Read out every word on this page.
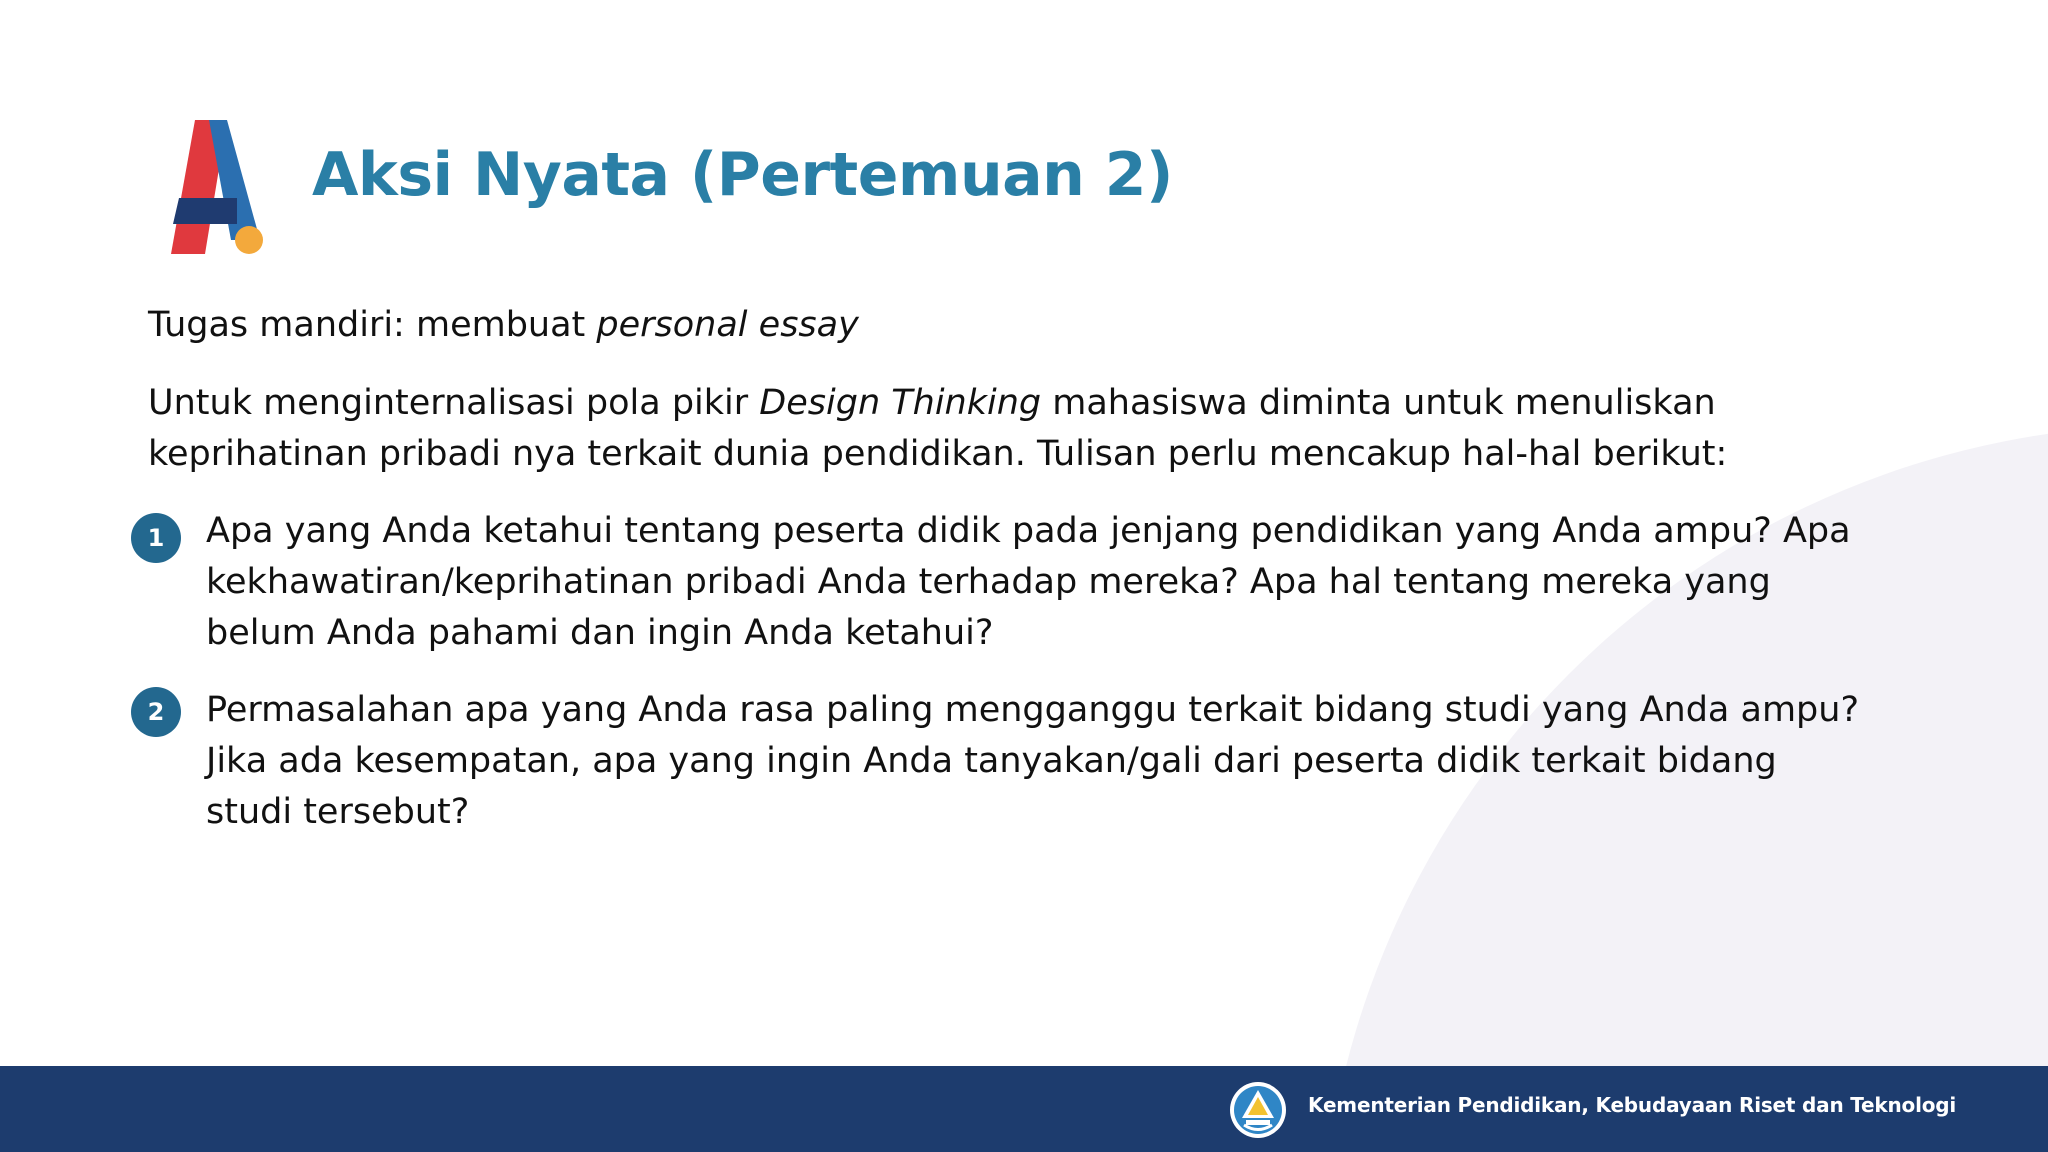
Aksi Nyata (Pertemuan 2)
Tugas mandiri: membuat personal essay
Untuk menginternalisasi pola pikir Design Thinking mahasiswa diminta untuk menuliskan
keprihatinan pribadi nya terkait dunia pendidikan. Tulisan perlu mencakup hal-hal berikut:
1	Apa yang Anda ketahui tentang peserta didik pada jenjang pendidikan yang Anda ampu? Apa
kekhawatiran/keprihatinan pribadi Anda terhadap mereka? Apa hal tentang mereka yang
belum Anda pahami dan ingin Anda ketahui?
2	Permasalahan apa yang Anda rasa paling mengganggu terkait bidang studi yang Anda ampu?
Jika ada kesempatan, apa yang ingin Anda tanyakan/gali dari peserta didik terkait bidang
studi tersebut?
Kementerian Pendidikan, Kebudayaan Riset dan Teknologi
